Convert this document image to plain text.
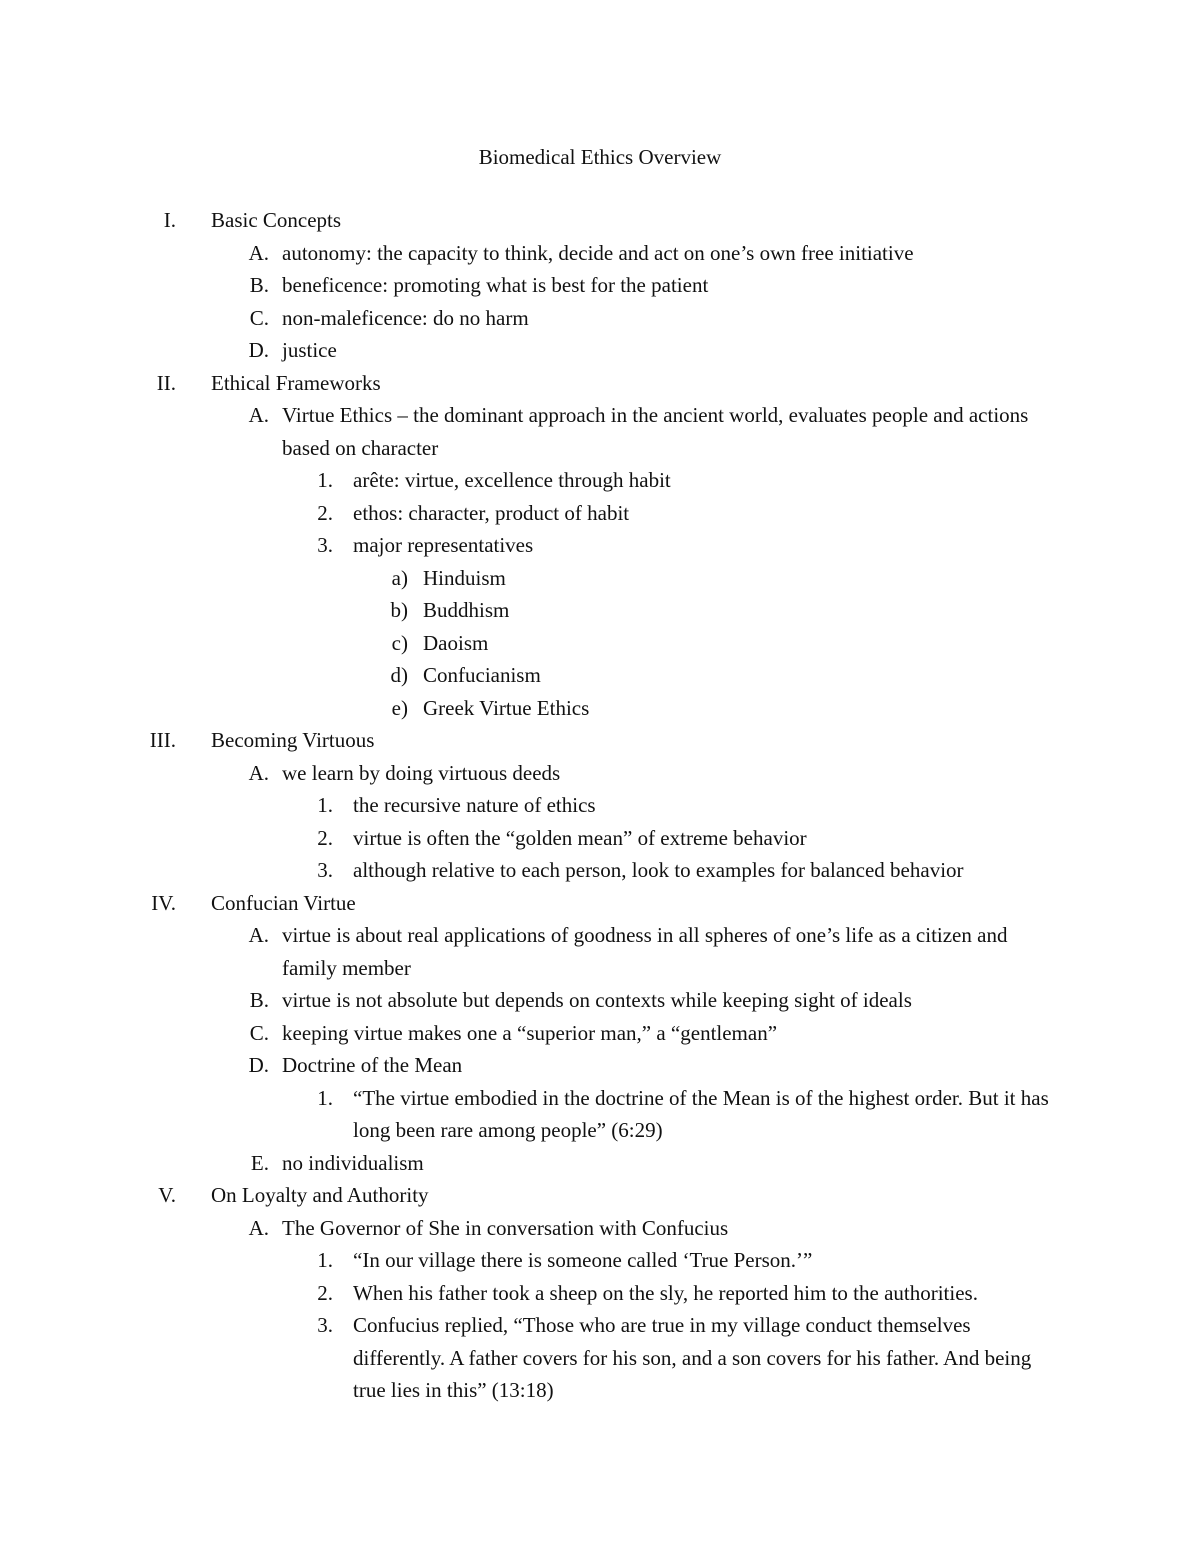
Biomedical Ethics Overview
I. Basic Concepts
A. autonomy: the capacity to think, decide and act on one’s own free initiative
B. beneficence: promoting what is best for the patient
C. non-maleficence: do no harm
D. justice
II. Ethical Frameworks
A. Virtue Ethics – the dominant approach in the ancient world, evaluates people and actions based on character
1. arête: virtue, excellence through habit
2. ethos: character, product of habit
3. major representatives
a) Hinduism
b) Buddhism
c) Daoism
d) Confucianism
e) Greek Virtue Ethics
III. Becoming Virtuous
A. we learn by doing virtuous deeds
1. the recursive nature of ethics
2. virtue is often the “golden mean” of extreme behavior
3. although relative to each person, look to examples for balanced behavior
IV. Confucian Virtue
A. virtue is about real applications of goodness in all spheres of one’s life as a citizen and family member
B. virtue is not absolute but depends on contexts while keeping sight of ideals
C. keeping virtue makes one a “superior man,” a “gentleman”
D. Doctrine of the Mean
1. “The virtue embodied in the doctrine of the Mean is of the highest order. But it has long been rare among people” (6:29)
E. no individualism
V. On Loyalty and Authority
A. The Governor of She in conversation with Confucius
1. “In our village there is someone called ‘True Person.’”
2. When his father took a sheep on the sly, he reported him to the authorities.
3. Confucius replied, “Those who are true in my village conduct themselves differently. A father covers for his son, and a son covers for his father. And being true lies in this” (13:18)
